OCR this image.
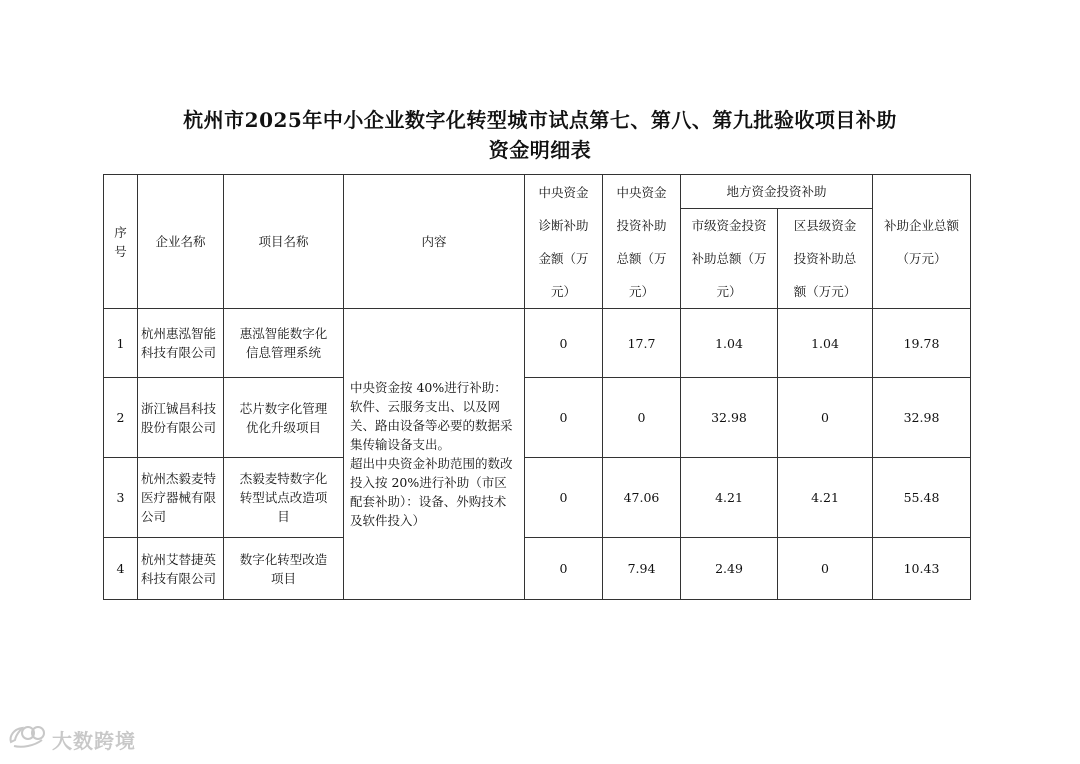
杭州市2025年中小企业数字化转型城市试点第七、第八、第九批验收项目补助
资金明细表
序号	企业名称	项目名称	内容	中央资金诊断补助金额（万元）	中央资金投资补助总额（万元）	地方资金投资补助		补助企业总额（万元）
						市级资金投资补助总额（万元）	区县级资金投资补助总额（万元）	

1	杭州惠泓智能科技有限公司	惠泓智能数字化信息管理系统	中央资金按 40%进行补助：软件、云服务支出、以及网关、路由设备等必要的数据采集传输设备支出。
超出中央资金补助范围的数改投入按 20%进行补助（市区配套补助）：设备、外购技术及软件投入）	0	17.7	1.04	1.04	19.78
2	浙江铖昌科技股份有限公司	芯片数字化管理优化升级项目		0	0	32.98	0	32.98
3	杭州杰毅麦特医疗器械有限公司	杰毅麦特数字化转型试点改造项目		0	47.06	4.21	4.21	55.48
4	杭州艾替捷英科技有限公司	数字化转型改造项目		0	7.94	2.49	0	10.43
大数跨境
